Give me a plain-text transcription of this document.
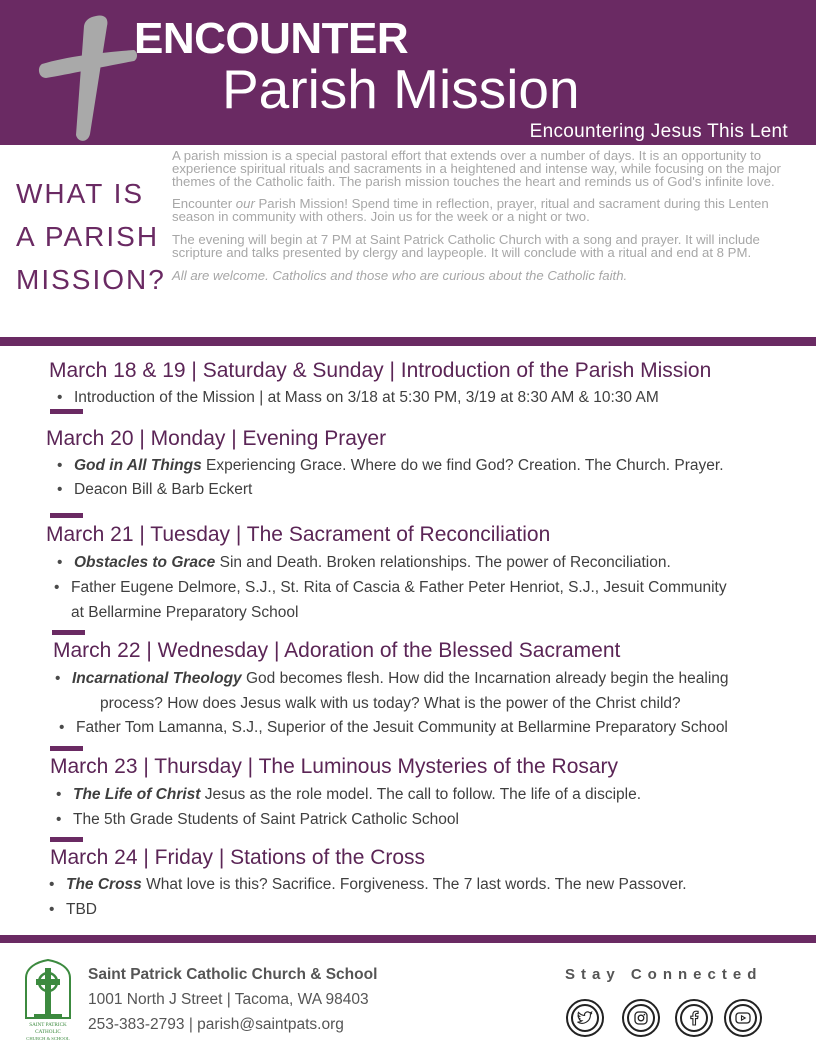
ENCOUNTER
Parish Mission
Encountering Jesus This Lent
WHAT IS
A PARISH
MISSION?

A parish mission is a special pastoral effort that extends over a number of days. It is an opportunity to experience spiritual rituals and sacraments in a heightened and intense way, while focusing on the major themes of the Catholic faith. The parish mission touches the heart and reminds us of God's infinite love.

Encounter our Parish Mission! Spend time in reflection, prayer, ritual and sacrament during this Lenten season in community with others. Join us for the week or a night or two.

The evening will begin at 7 PM at Saint Patrick Catholic Church with a song and prayer. It will include scripture and talks presented by clergy and laypeople. It will conclude with a ritual and end at 8 PM.

All are welcome. Catholics and those who are curious about the Catholic faith.

March 18 & 19 | Saturday & Sunday | Introduction of the Parish Mission
• Introduction of the Mission | at Mass on 3/18 at 5:30 PM, 3/19 at 8:30 AM & 10:30 AM
March 20 | Monday | Evening Prayer
• God in All Things Experiencing Grace. Where do we find God? Creation. The Church. Prayer.
• Deacon Bill & Barb Eckert
March 21 | Tuesday | The Sacrament of Reconciliation
• Obstacles to Grace Sin and Death. Broken relationships. The power of Reconciliation.
• Father Eugene Delmore, S.J., St. Rita of Cascia & Father Peter Henriot, S.J., Jesuit Community
at Bellarmine Preparatory School
March 22 | Wednesday | Adoration of the Blessed Sacrament
• Incarnational Theology God becomes flesh. How did the Incarnation already begin the healing
process? How does Jesus walk with us today? What is the power of the Christ child?
• Father Tom Lamanna, S.J., Superior of the Jesuit Community at Bellarmine Preparatory School
March 23 | Thursday | The Luminous Mysteries of the Rosary
• The Life of Christ Jesus as the role model. The call to follow. The life of a disciple.
• The 5th Grade Students of Saint Patrick Catholic School
March 24 | Friday | Stations of the Cross
• The Cross What love is this? Sacrifice. Forgiveness. The 7 last words. The new Passover.
• TBD
SAINT PATRICK
CATHOLIC
CHURCH & SCHOOL
Saint Patrick Catholic Church & School
1001 North J Street | Tacoma, WA 98403
253-383-2793 | parish@saintpats.org
Stay Connected
